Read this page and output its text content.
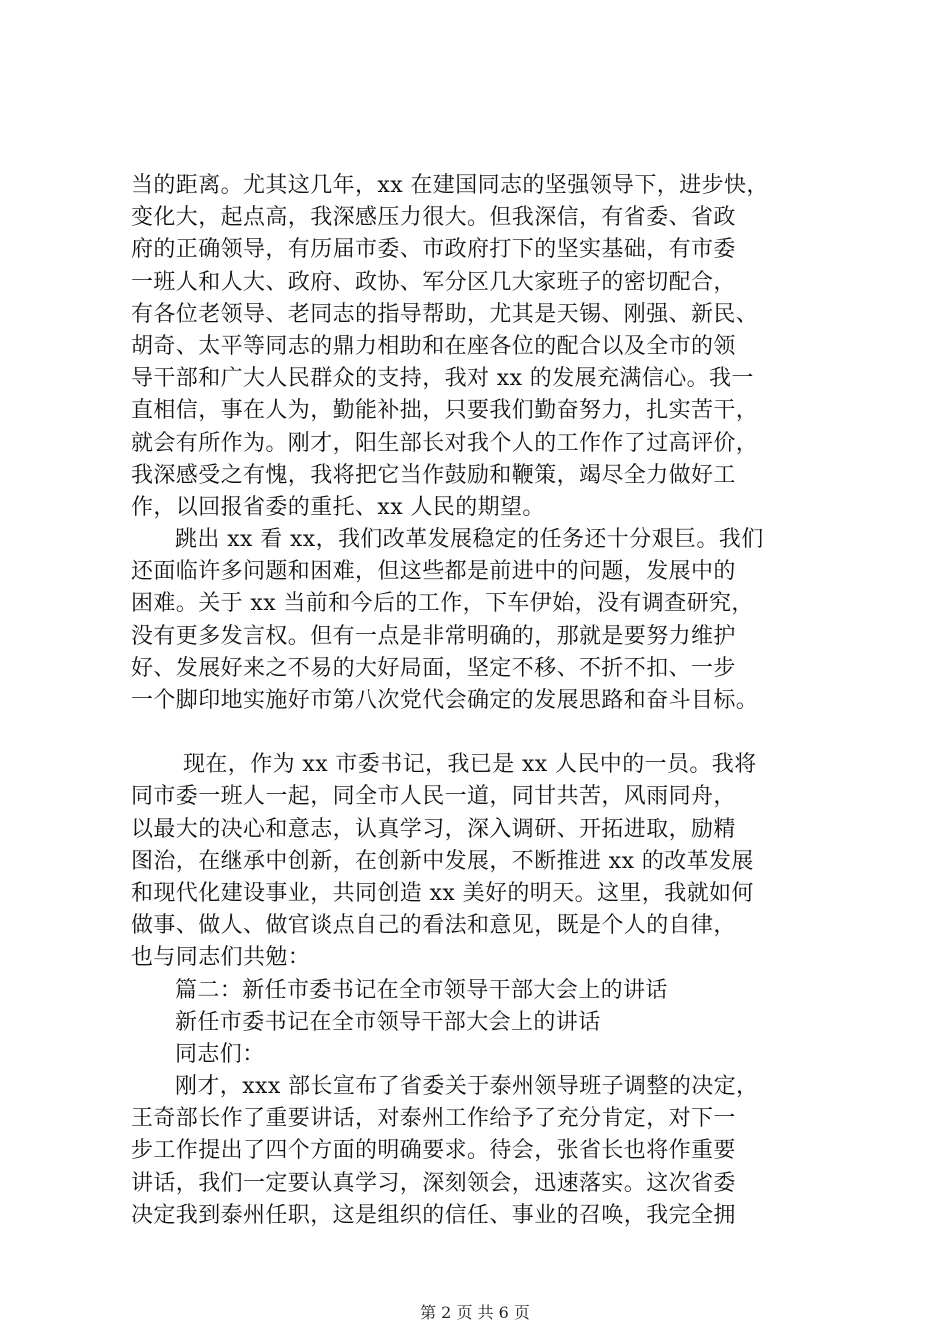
当的距离。尤其这几年，xx 在建国同志的坚强领导下，进步快，
变化大，起点高，我深感压力很大。但我深信，有省委、省政
府的正确领导，有历届市委、市政府打下的坚实基础，有市委
一班人和人大、政府、政协、军分区几大家班子的密切配合，
有各位老领导、老同志的指导帮助，尤其是天锡、刚强、新民、
胡奇、太平等同志的鼎力相助和在座各位的配合以及全市的领
导干部和广大人民群众的支持，我对 xx 的发展充满信心。我一
直相信，事在人为，勤能补拙，只要我们勤奋努力，扎实苦干，
就会有所作为。刚才，阳生部长对我个人的工作作了过高评价，
我深感受之有愧，我将把它当作鼓励和鞭策，竭尽全力做好工
作，以回报省委的重托、xx 人民的期望。
跳出 xx 看 xx，我们改革发展稳定的任务还十分艰巨。我们
还面临许多问题和困难，但这些都是前进中的问题，发展中的
困难。关于 xx 当前和今后的工作，下车伊始，没有调查研究，
没有更多发言权。但有一点是非常明确的，那就是要努力维护
好、发展好来之不易的大好局面，坚定不移、不折不扣、一步
一个脚印地实施好市第八次党代会确定的发展思路和奋斗目标。
现在，作为 xx 市委书记，我已是 xx 人民中的一员。我将
同市委一班人一起，同全市人民一道，同甘共苦，风雨同舟，
以最大的决心和意志，认真学习，深入调研、开拓进取，励精
图治，在继承中创新，在创新中发展，不断推进 xx 的改革发展
和现代化建设事业，共同创造 xx 美好的明天。这里，我就如何
做事、做人、做官谈点自己的看法和意见，既是个人的自律，
也与同志们共勉：
篇二：新任市委书记在全市领导干部大会上的讲话
新任市委书记在全市领导干部大会上的讲话
同志们：
刚才，xxx 部长宣布了省委关于泰州领导班子调整的决定，
王奇部长作了重要讲话，对泰州工作给予了充分肯定，对下一
步工作提出了四个方面的明确要求。待会，张省长也将作重要
讲话，我们一定要认真学习，深刻领会，迅速落实。这次省委
决定我到泰州任职，这是组织的信任、事业的召唤，我完全拥
第 2 页 共 6 页
